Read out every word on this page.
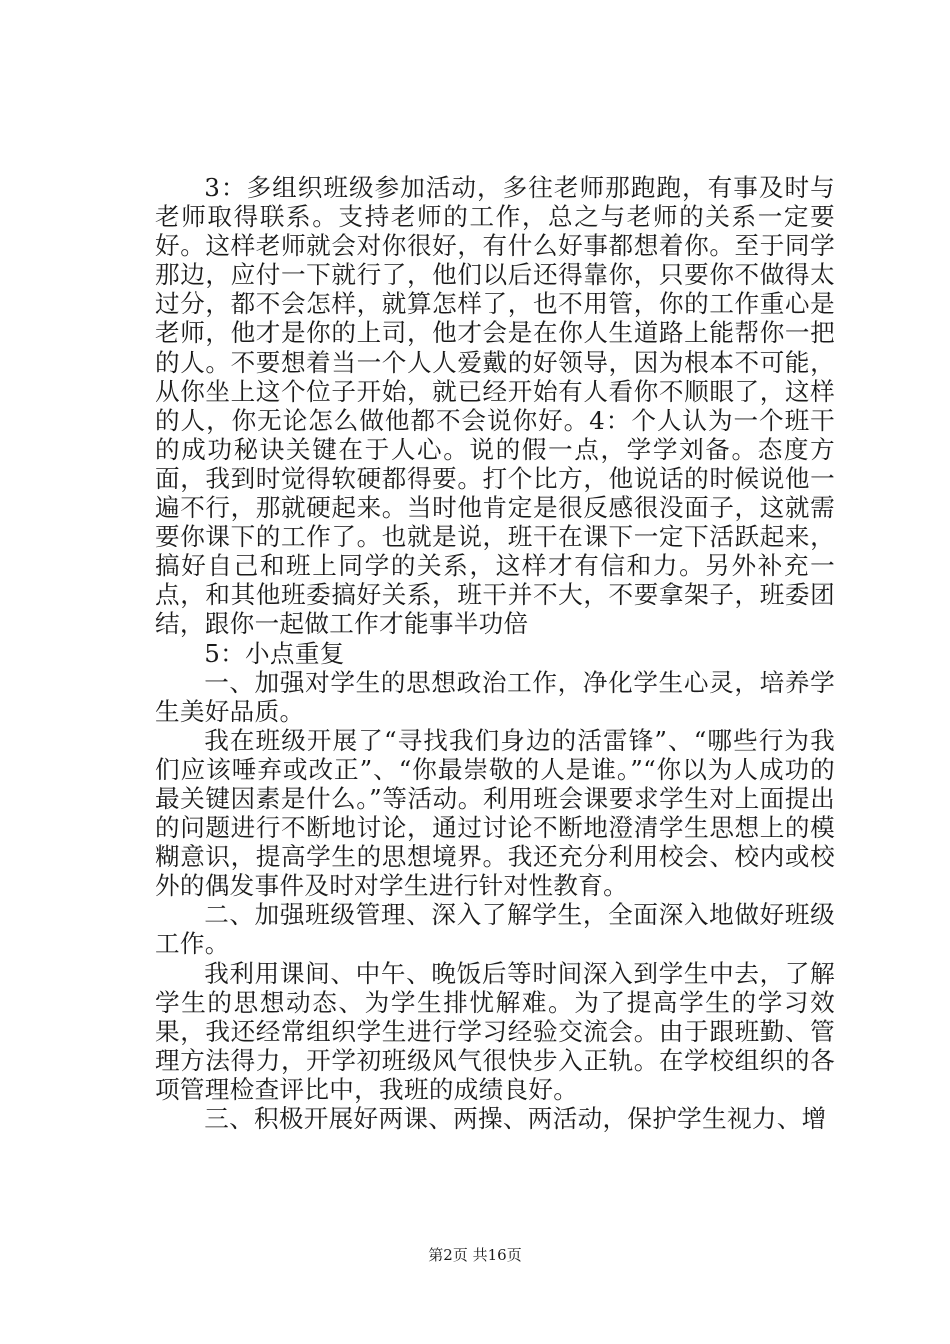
3：多组织班级参加活动，多往老师那跑跑，有事及时与老师取得联系。支持老师的工作，总之与老师的关系一定要好。这样老师就会对你很好，有什么好事都想着你。至于同学那边，应付一下就行了，他们以后还得靠你，只要你不做得太过分，都不会怎样，就算怎样了，也不用管，你的工作重心是老师，他才是你的上司，他才会是在你人生道路上能帮你一把的人。不要想着当一个人人爱戴的好领导，因为根本不可能，从你坐上这个位子开始，就已经开始有人看你不顺眼了，这样的人，你无论怎么做他都不会说你好。4：个人认为一个班干的成功秘诀关键在于人心。说的假一点，学学刘备。态度方面，我到时觉得软硬都得要。打个比方，他说话的时候说他一遍不行，那就硬起来。当时他肯定是很反感很没面子，这就需要你课下的工作了。也就是说，班干在课下一定下活跃起来，搞好自己和班上同学的关系，这样才有信和力。另外补充一点，和其他班委搞好关系，班干并不大，不要拿架子，班委团结，跟你一起做工作才能事半功倍

5：小点重复

一、加强对学生的思想政治工作，净化学生心灵，培养学生美好品质。

我在班级开展了“寻找我们身边的活雷锋”、“哪些行为我们应该唾弃或改正”、“你最崇敬的人是谁。”“你以为人成功的最关键因素是什么。”等活动。利用班会课要求学生对上面提出的问题进行不断地讨论，通过讨论不断地澄清学生思想上的模糊意识，提高学生的思想境界。我还充分利用校会、校内或校外的偶发事件及时对学生进行针对性教育。

二、加强班级管理、深入了解学生，全面深入地做好班级工作。

我利用课间、中午、晚饭后等时间深入到学生中去，了解学生的思想动态、为学生排忧解难。为了提高学生的学习效果，我还经常组织学生进行学习经验交流会。由于跟班勤、管理方法得力，开学初班级风气很快步入正轨。在学校组织的各项管理检查评比中，我班的成绩良好。

三、积极开展好两课、两操、两活动，保护学生视力、增

第2页 共16页
